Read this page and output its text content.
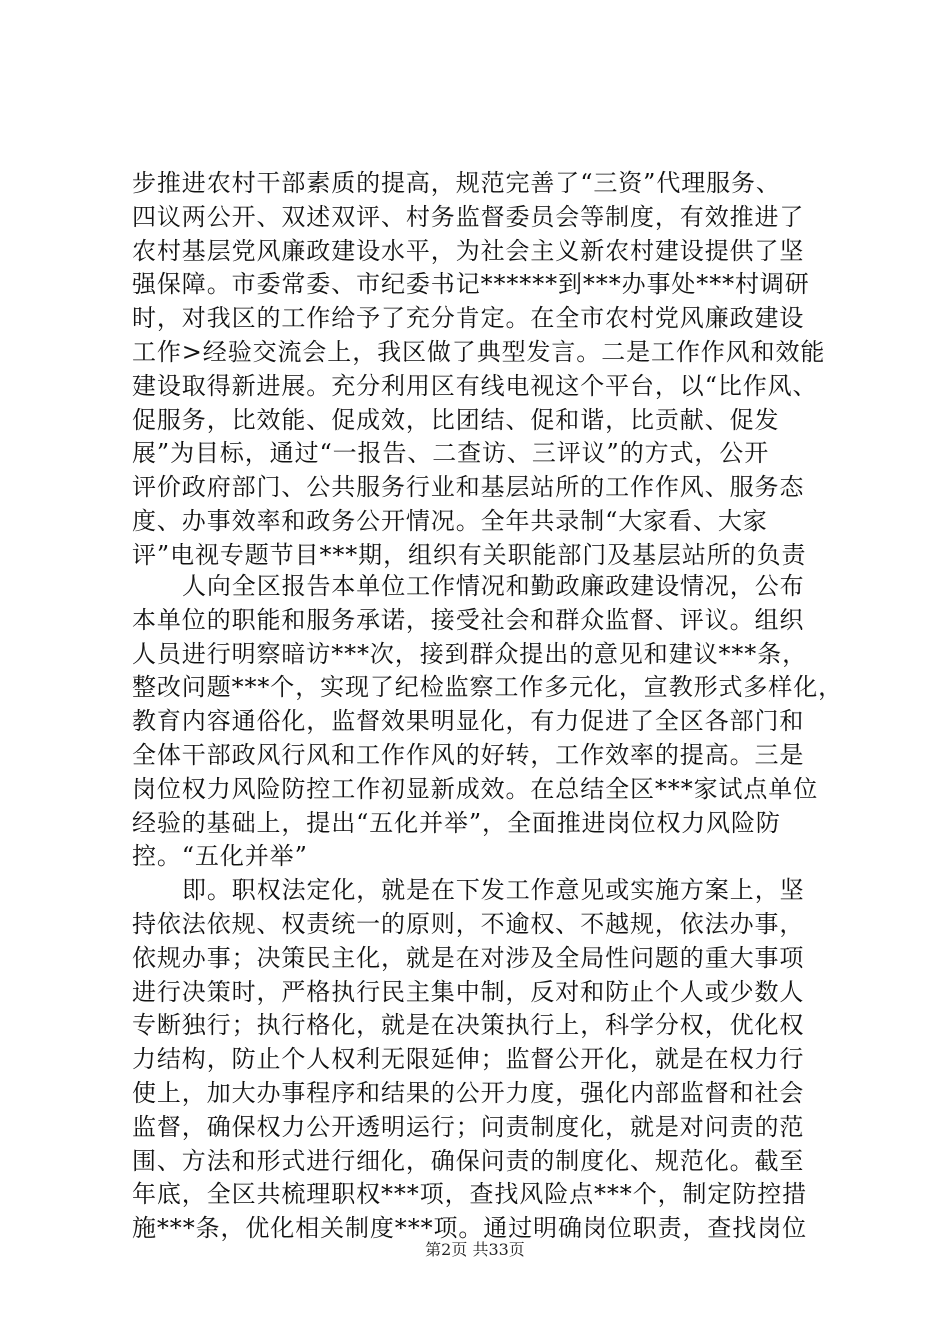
步推进农村干部素质的提高，规范完善了“三资”代理服务、
四议两公开、双述双评、村务监督委员会等制度，有效推进了
农村基层党风廉政建设水平，为社会主义新农村建设提供了坚
强保障。市委常委、市纪委书记******到***办事处***村调研
时，对我区的工作给予了充分肯定。在全市农村党风廉政建设
工作>经验交流会上，我区做了典型发言。二是工作作风和效能
建设取得新进展。充分利用区有线电视这个平台，以“比作风、
促服务，比效能、促成效，比团结、促和谐，比贡献、促发
展”为目标，通过“一报告、二查访、三评议”的方式，公开
评价政府部门、公共服务行业和基层站所的工作作风、服务态
度、办事效率和政务公开情况。全年共录制“大家看、大家
评”电视专题节目***期，组织有关职能部门及基层站所的负责
人向全区报告本单位工作情况和勤政廉政建设情况，公布
本单位的职能和服务承诺，接受社会和群众监督、评议。组织
人员进行明察暗访***次，接到群众提出的意见和建议***条，
整改问题***个，实现了纪检监察工作多元化，宣教形式多样化，
教育内容通俗化，监督效果明显化，有力促进了全区各部门和
全体干部政风行风和工作作风的好转，工作效率的提高。三是
岗位权力风险防控工作初显新成效。在总结全区***家试点单位
经验的基础上，提出“五化并举”，全面推进岗位权力风险防
控。“五化并举”
即。职权法定化，就是在下发工作意见或实施方案上，坚
持依法依规、权责统一的原则，不逾权、不越规，依法办事，
依规办事；决策民主化，就是在对涉及全局性问题的重大事项
进行决策时，严格执行民主集中制，反对和防止个人或少数人
专断独行；执行格化，就是在决策执行上，科学分权，优化权
力结构，防止个人权利无限延伸；监督公开化，就是在权力行
使上，加大办事程序和结果的公开力度，强化内部监督和社会
监督，确保权力公开透明运行；问责制度化，就是对问责的范
围、方法和形式进行细化，确保问责的制度化、规范化。截至
年底，全区共梳理职权***项，查找风险点***个，制定防控措
施***条，优化相关制度***项。通过明确岗位职责，查找岗位
第2页 共33页
